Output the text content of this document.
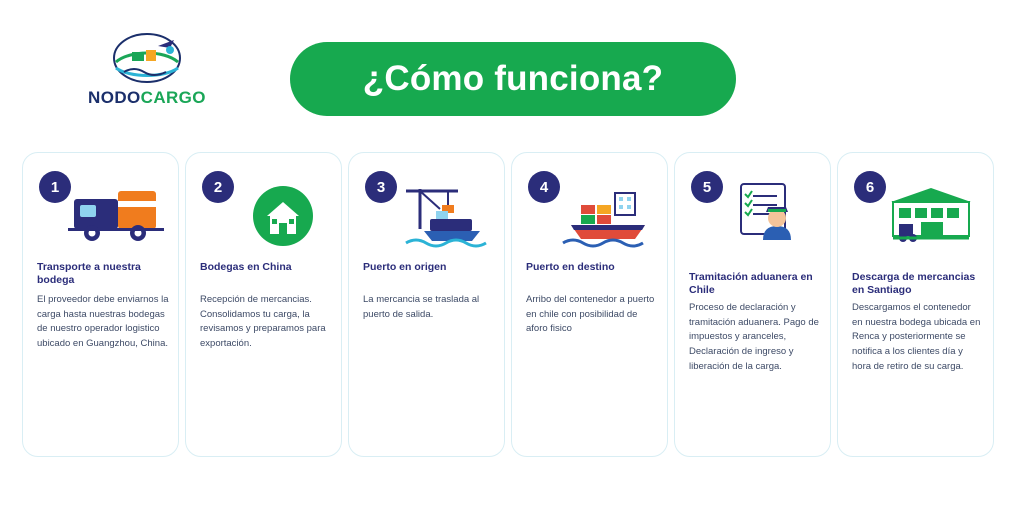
NODOCARGO	¿Cómo funciona?
1
Transporte a nuestra bodega
El proveedor debe enviarnos la carga hasta nuestras bodegas de nuestro operador logistico ubicado en Guangzhou, China.
2
Bodegas en China
Recepción de mercancias. Consolidamos tu carga, la revisamos y preparamos para exportación.
3
Puerto en origen
La mercancia se traslada al puerto de salida.
4
Puerto en destino
Arribo del contenedor a puerto en chile con posibilidad de aforo fisico
5
Tramitación aduanera en Chile
Proceso de declaración y tramitación aduanera. Pago de impuestos y aranceles, Declaración de ingreso y liberación de la carga.
6
Descarga de mercancias en Santiago
Descargamos el contenedor en nuestra bodega ubicada en Renca y posteriormente se notifica a los clientes día y hora de retiro de su carga.
